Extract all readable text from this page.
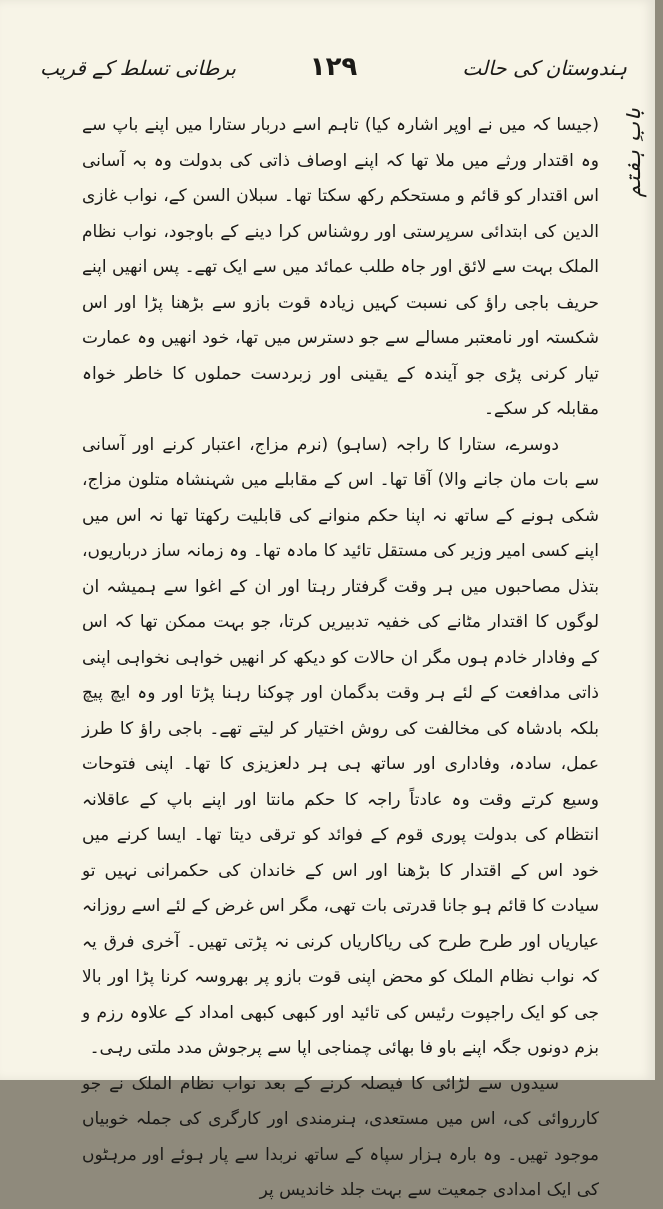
ہندوستان کی حالت
۱۲۹
برطانی تسلط کے قریب
بابِ ہفتم

(جیسا کہ میں نے اوپر اشارہ کیا) تاہم اسے دربار ستارا میں اپنے باپ سے وہ اقتدار ورثے میں ملا تھا کہ اپنے اوصاف ذاتی کی بدولت وہ بہ آسانی اس اقتدار کو قائم و مستحکم رکھ سکتا تھا۔ سبلان السن کے، نواب غازی الدین کی ابتدائی سرپرستی اور روشناس کرا دینے کے باوجود، نواب نظام الملک بہت سے لائق اور جاہ طلب عمائد میں سے ایک تھے۔ پس انھیں اپنے حریف باجی راؤ کی نسبت کہیں زیادہ قوت بازو سے بڑھنا پڑا اور اس شکستہ اور نامعتبر مسالے سے جو دسترس میں تھا، خود انھیں وہ عمارت تیار کرنی پڑی جو آیندہ کے یقینی اور زبردست حملوں کا خاطر خواہ مقابلہ کر سکے۔

دوسرے، ستارا کا راجہ (ساہو) (نرم مزاج، اعتبار کرنے اور آسانی سے بات مان جانے والا) آقا تھا۔ اس کے مقابلے میں شہنشاہ متلون مزاج، شکی ہونے کے ساتھ نہ اپنا حکم منوانے کی قابلیت رکھتا تھا نہ اس میں اپنے کسی امیر وزیر کی مستقل تائید کا مادہ تھا۔ وہ زمانہ ساز درباریوں، بتذل مصاحبوں میں ہر وقت گرفتار رہتا اور ان کے اغوا سے ہمیشہ ان لوگوں کا اقتدار مٹانے کی خفیہ تدبیریں کرتا، جو بہت ممکن تھا کہ اس کے وفادار خادم ہوں مگر ان حالات کو دیکھ کر انھیں خواہی نخواہی اپنی ذاتی مدافعت کے لئے ہر وقت بدگمان اور چوکنا رہنا پڑتا اور وہ ایچ پیچ بلکہ بادشاہ کی مخالفت کی روش اختیار کر لیتے تھے۔ باجی راؤ کا طرز عمل، سادہ، وفاداری اور ساتھ ہی ہر دلعزیزی کا تھا۔ اپنی فتوحات وسیع کرتے وقت وہ عادتاً راجہ کا حکم مانتا اور اپنے باپ کے عاقلانہ انتظام کی بدولت پوری قوم کے فوائد کو ترقی دیتا تھا۔ ایسا کرنے میں خود اس کے اقتدار کا بڑھنا اور اس کے خاندان کی حکمرانی نہیں تو سیادت کا قائم ہو جانا قدرتی بات تھی، مگر اس غرض کے لئے اسے روزانہ عیاریاں اور طرح طرح کی ریاکاریاں کرنی نہ پڑتی تھیں۔ آخری فرق یہ کہ نواب نظام الملک کو محض اپنی قوت بازو پر بھروسہ کرنا پڑا اور بالا جی کو ایک راجپوت رئیس کی تائید اور کبھی کبھی امداد کے علاوہ رزم و بزم دونوں جگہ اپنے باو فا بھائی چمناجی اپا سے پرجوش مدد ملتی رہی۔

سیدوں سے لڑائی کا فیصلہ کرنے کے بعد نواب نظام الملک نے جو کارروائی کی، اس میں مستعدی، ہنرمندی اور کارگری کی جملہ خوبیاں موجود تھیں۔ وہ بارہ ہزار سپاہ کے ساتھ نربدا سے پار ہوئے اور مرہٹوں کی ایک امدادی جمعیت سے بہت جلد خاندیس پر
